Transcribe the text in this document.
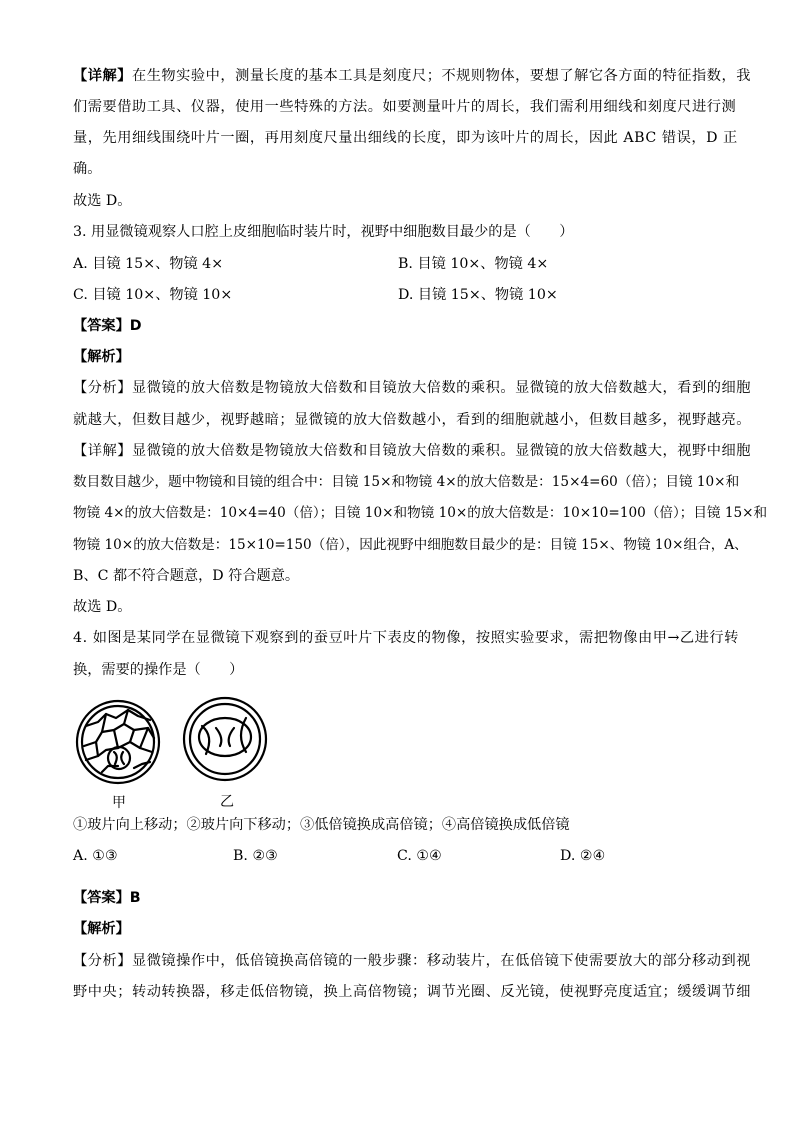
【详解】在生物实验中，测量长度的基本工具是刻度尺；不规则物体，要想了解它各方面的特征指数，我
们需要借助工具、仪器，使用一些特殊的方法。如要测量叶片的周长，我们需利用细线和刻度尺进行测
量，先用细线围绕叶片一圈，再用刻度尺量出细线的长度，即为该叶片的周长，因此 ABC 错误，D 正
确。
故选 D。
3. 用显微镜观察人口腔上皮细胞临时装片时，视野中细胞数目最少的是（　　）
A. 目镜 15×、物镜 4×	B. 目镜 10×、物镜 4×
C. 目镜 10×、物镜 10×	D. 目镜 15×、物镜 10×
【答案】D
【解析】
【分析】显微镜的放大倍数是物镜放大倍数和目镜放大倍数的乘积。显微镜的放大倍数越大，看到的细胞
就越大，但数目越少，视野越暗；显微镜的放大倍数越小，看到的细胞就越小，但数目越多，视野越亮。
【详解】显微镜的放大倍数是物镜放大倍数和目镜放大倍数的乘积。显微镜的放大倍数越大，视野中细胞
数目数目越少，题中物镜和目镜的组合中：目镜 15×和物镜 4×的放大倍数是：15×4=60（倍）；目镜 10×和
物镜 4×的放大倍数是：10×4=40（倍）；目镜 10×和物镜 10×的放大倍数是：10×10=100（倍）；目镜 15×和
物镜 10×的放大倍数是：15×10=150（倍），因此视野中细胞数目最少的是：目镜 15×、物镜 10×组合，A、
B、C 都不符合题意，D 符合题意。
故选 D。
4. 如图是某同学在显微镜下观察到的蚕豆叶片下表皮的物像，按照实验要求，需把物像由甲→乙进行转
换，需要的操作是（　　）
甲	乙
①玻片向上移动；②玻片向下移动；③低倍镜换成高倍镜；④高倍镜换成低倍镜
A. ①③	B. ②③	C. ①④	D. ②④
【答案】B
【解析】
【分析】显微镜操作中，低倍镜换高倍镜的一般步骤：移动装片，在低倍镜下使需要放大的部分移动到视
野中央；转动转换器，移走低倍物镜，换上高倍物镜；调节光圈、反光镜，使视野亮度适宜；缓缓调节细
